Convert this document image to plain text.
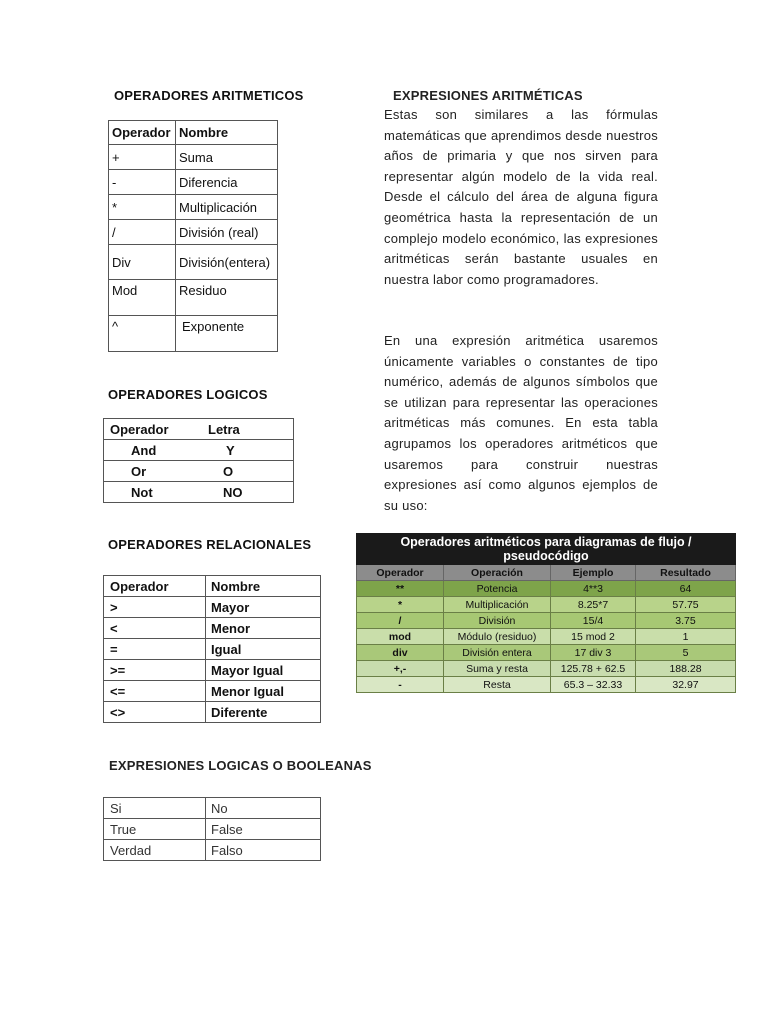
OPERADORES ARITMETICOS
Operador	Nombre
+	Suma
-	Diferencia
*	Multiplicación
/	División (real)
Div	División(entera)
Mod	Residuo
^	Exponente
OPERADORES LOGICOS
Operador	Letra
And	Y
Or	O
Not	NO
OPERADORES RELACIONALES
Operador	Nombre
>	Mayor
<	Menor
=	Igual
>=	Mayor Igual
<=	Menor Igual
<>	Diferente
EXPRESIONES LOGICAS O BOOLEANAS
Si	No
True	False
Verdad	Falso
EXPRESIONES ARITMÉTICAS
Estas son similares a las fórmulas matemáticas que aprendimos desde nuestros años de primaria y que nos sirven para representar algún modelo de la vida real. Desde el cálculo del área de alguna figura geométrica hasta la representación de un complejo modelo económico, las expresiones aritméticas serán bastante usuales en nuestra labor como programadores.
En una expresión aritmética usaremos únicamente variables o constantes de tipo numérico, además de algunos símbolos que se utilizan para representar las operaciones aritméticas más comunes. En esta tabla agrupamos los operadores aritméticos que usaremos para construir nuestras expresiones así como algunos ejemplos de su uso:
Operadores aritméticos para diagramas de flujo / pseudocódigo			
Operador	Operación	Ejemplo	Resultado
**	Potencia	4**3	64
*	Multiplicación	8.25*7	57.75
/	División	15/4	3.75
mod	Módulo (residuo)	15 mod 2	1
div	División entera	17 div 3	5
+,-	Suma y resta	125.78 + 62.5	188.28
-	Resta	65.3 – 32.33	32.97
